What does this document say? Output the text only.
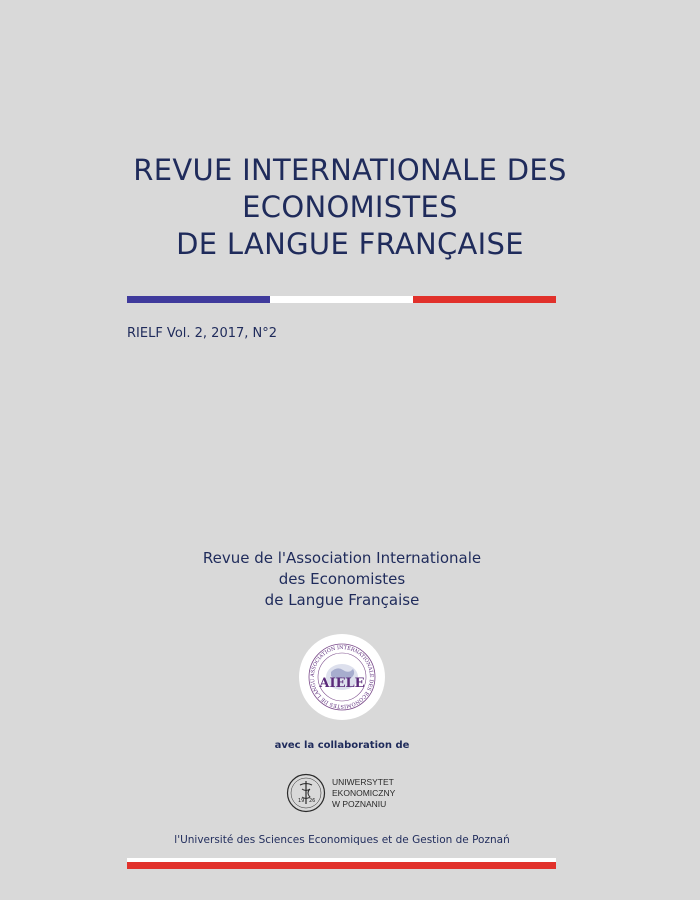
REVUE INTERNATIONALE DES
ECONOMISTES
DE LANGUE FRANÇAISE
RIELF Vol. 2, 2017, N°2
Revue de l'Association Internationale
des Economistes
de Langue Française
ASSOCIATION INTERNATIONALE DES ECONOMISTES DE LANGU AIELE
avec la collaboration de
19 26
UNIWERSYTET
EKONOMICZNY
W POZNANIU
l'Université des Sciences Economiques et de Gestion de Poznań
